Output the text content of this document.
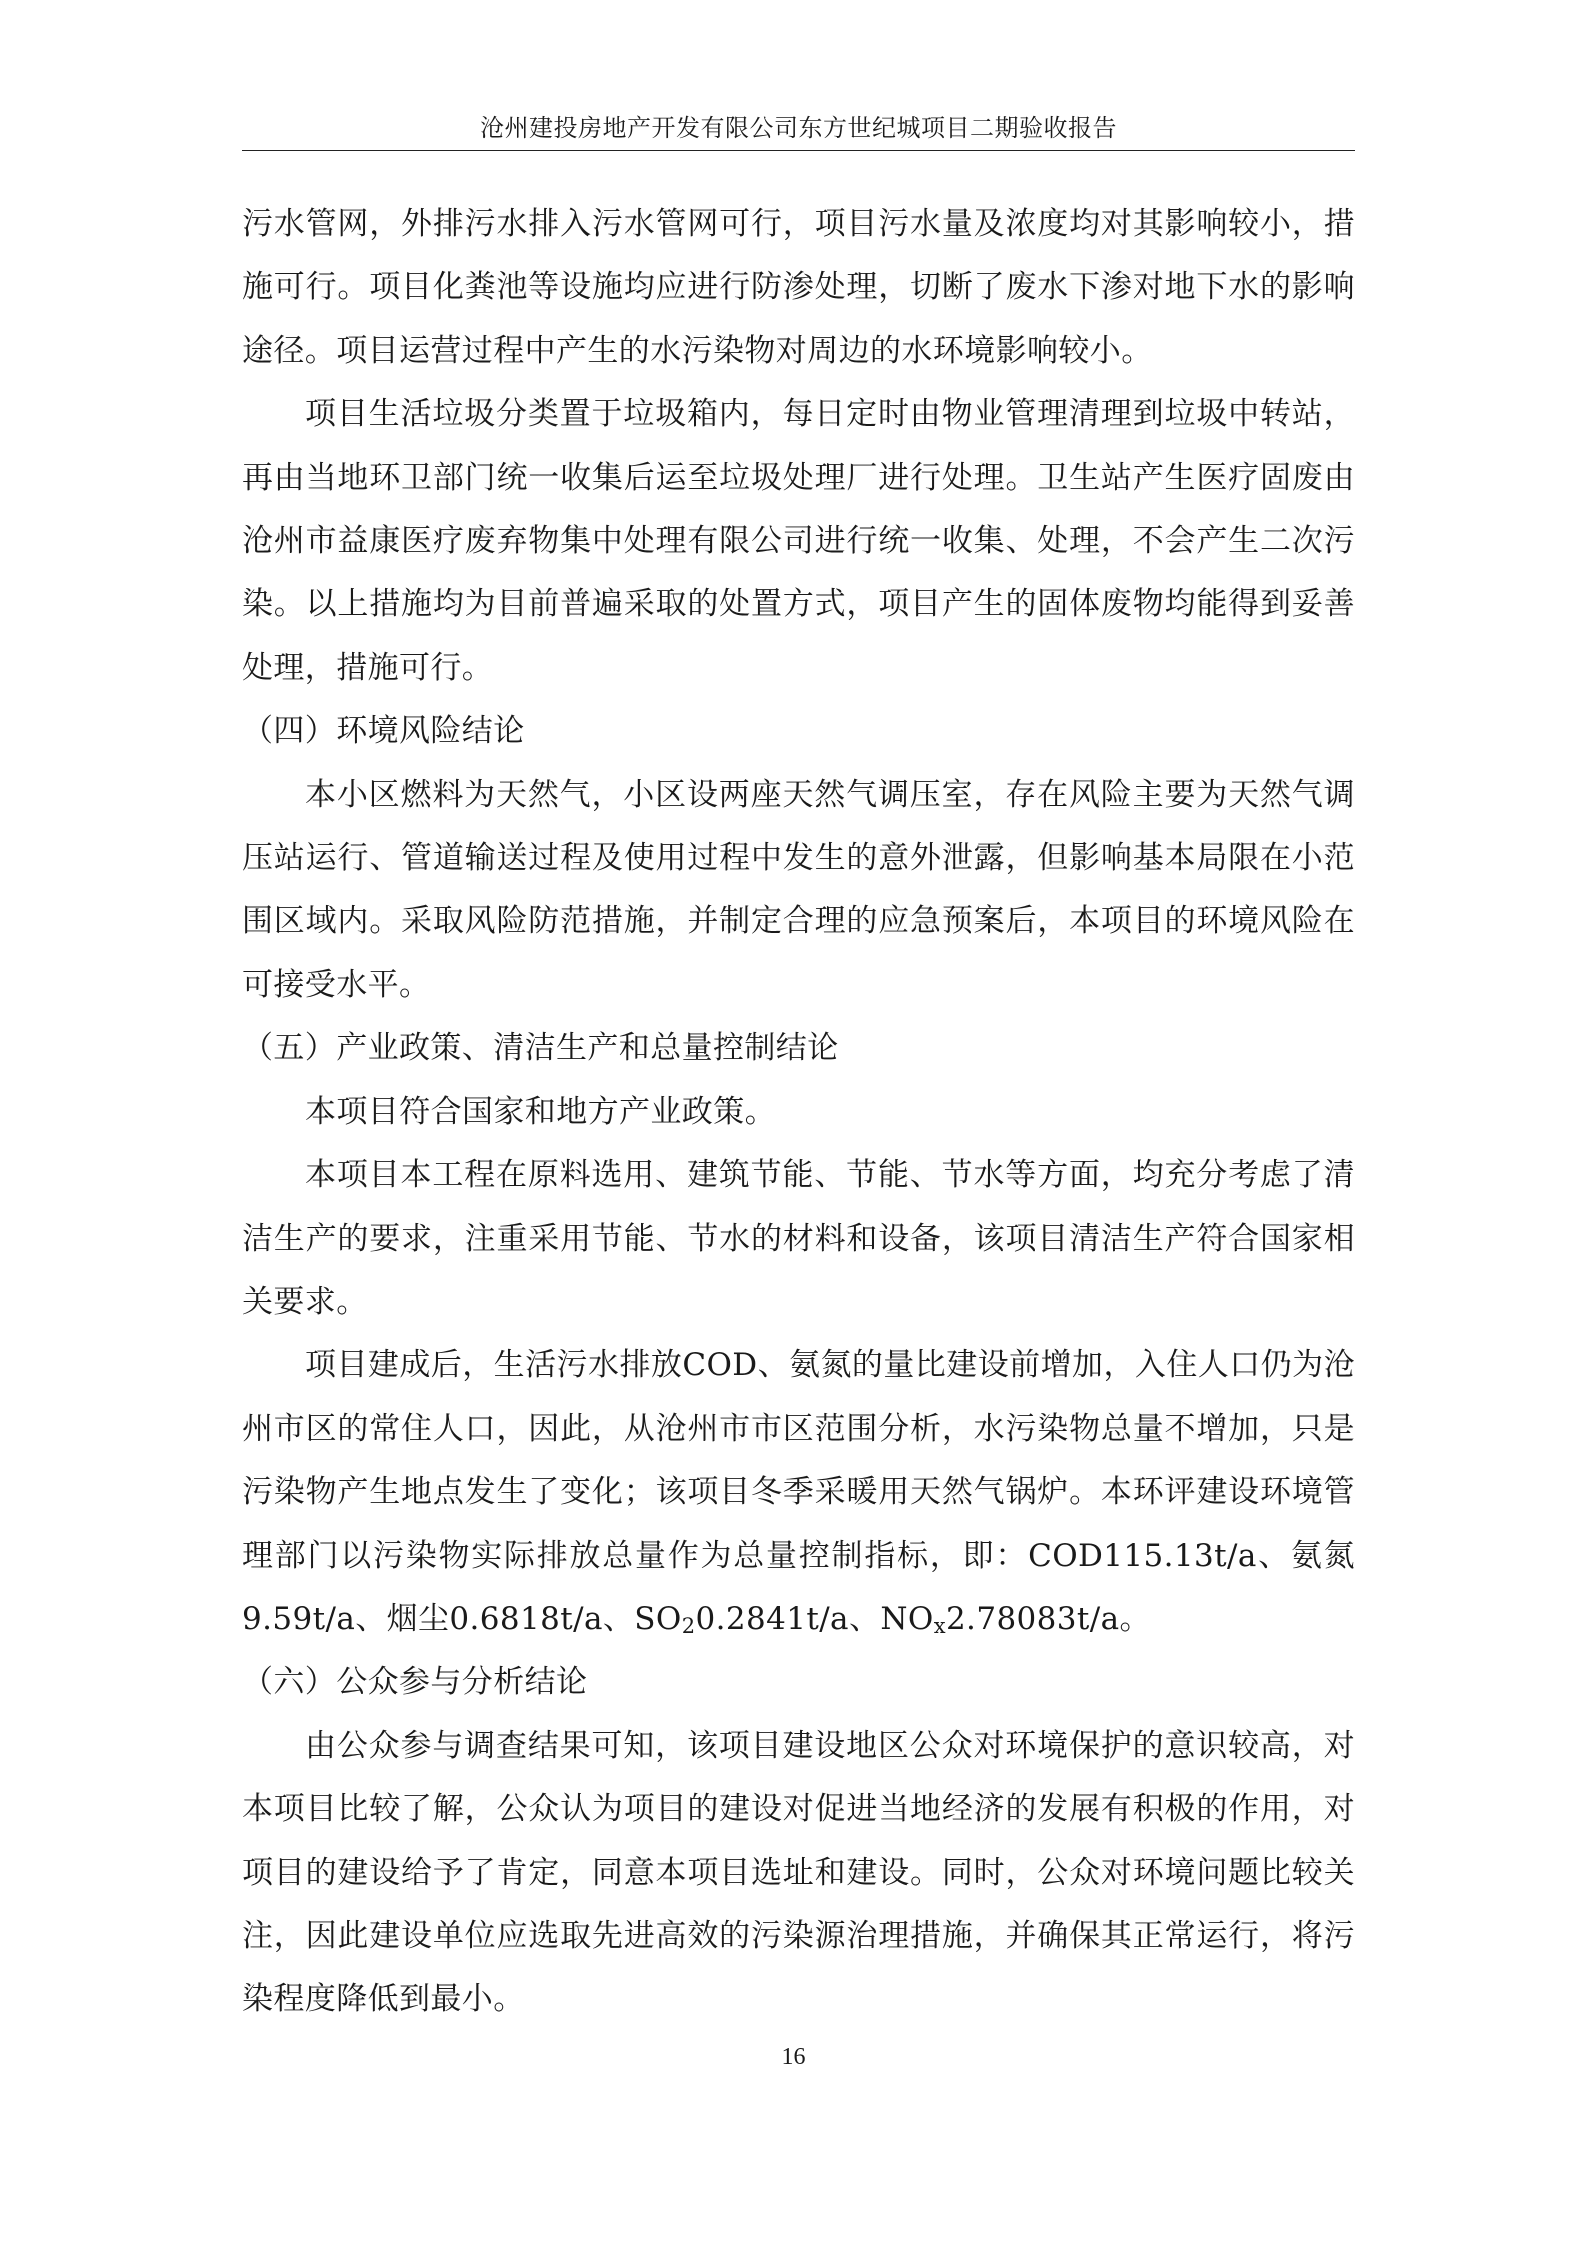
沧州建投房地产开发有限公司东方世纪城项目二期验收报告

污水管网，外排污水排入污水管网可行，项目污水量及浓度均对其影响较小，措施可行。项目化粪池等设施均应进行防渗处理，切断了废水下渗对地下水的影响途径。项目运营过程中产生的水污染物对周边的水环境影响较小。

项目生活垃圾分类置于垃圾箱内，每日定时由物业管理清理到垃圾中转站，再由当地环卫部门统一收集后运至垃圾处理厂进行处理。卫生站产生医疗固废由沧州市益康医疗废弃物集中处理有限公司进行统一收集、处理，不会产生二次污染。以上措施均为目前普遍采取的处置方式，项目产生的固体废物均能得到妥善处理，措施可行。

（四）环境风险结论

本小区燃料为天然气，小区设两座天然气调压室，存在风险主要为天然气调压站运行、管道输送过程及使用过程中发生的意外泄露，但影响基本局限在小范围区域内。采取风险防范措施，并制定合理的应急预案后，本项目的环境风险在可接受水平。

（五）产业政策、清洁生产和总量控制结论

本项目符合国家和地方产业政策。

本项目本工程在原料选用、建筑节能、节能、节水等方面，均充分考虑了清洁生产的要求，注重采用节能、节水的材料和设备，该项目清洁生产符合国家相关要求。

项目建成后，生活污水排放COD、氨氮的量比建设前增加，入住人口仍为沧州市区的常住人口，因此，从沧州市市区范围分析，水污染物总量不增加，只是污染物产生地点发生了变化；该项目冬季采暖用天然气锅炉。本环评建设环境管理部门以污染物实际排放总量作为总量控制指标，即：COD115.13t/a、氨氮9.59t/a、烟尘0.6818t/a、$SO_20.2841t/a$、$NO_x2.78083t/a$。

（六）公众参与分析结论

由公众参与调查结果可知，该项目建设地区公众对环境保护的意识较高，对本项目比较了解，公众认为项目的建设对促进当地经济的发展有积极的作用，对项目的建设给予了肯定，同意本项目选址和建设。同时，公众对环境问题比较关注，因此建设单位应选取先进高效的污染源治理措施，并确保其正常运行，将污染程度降低到最小。

16
